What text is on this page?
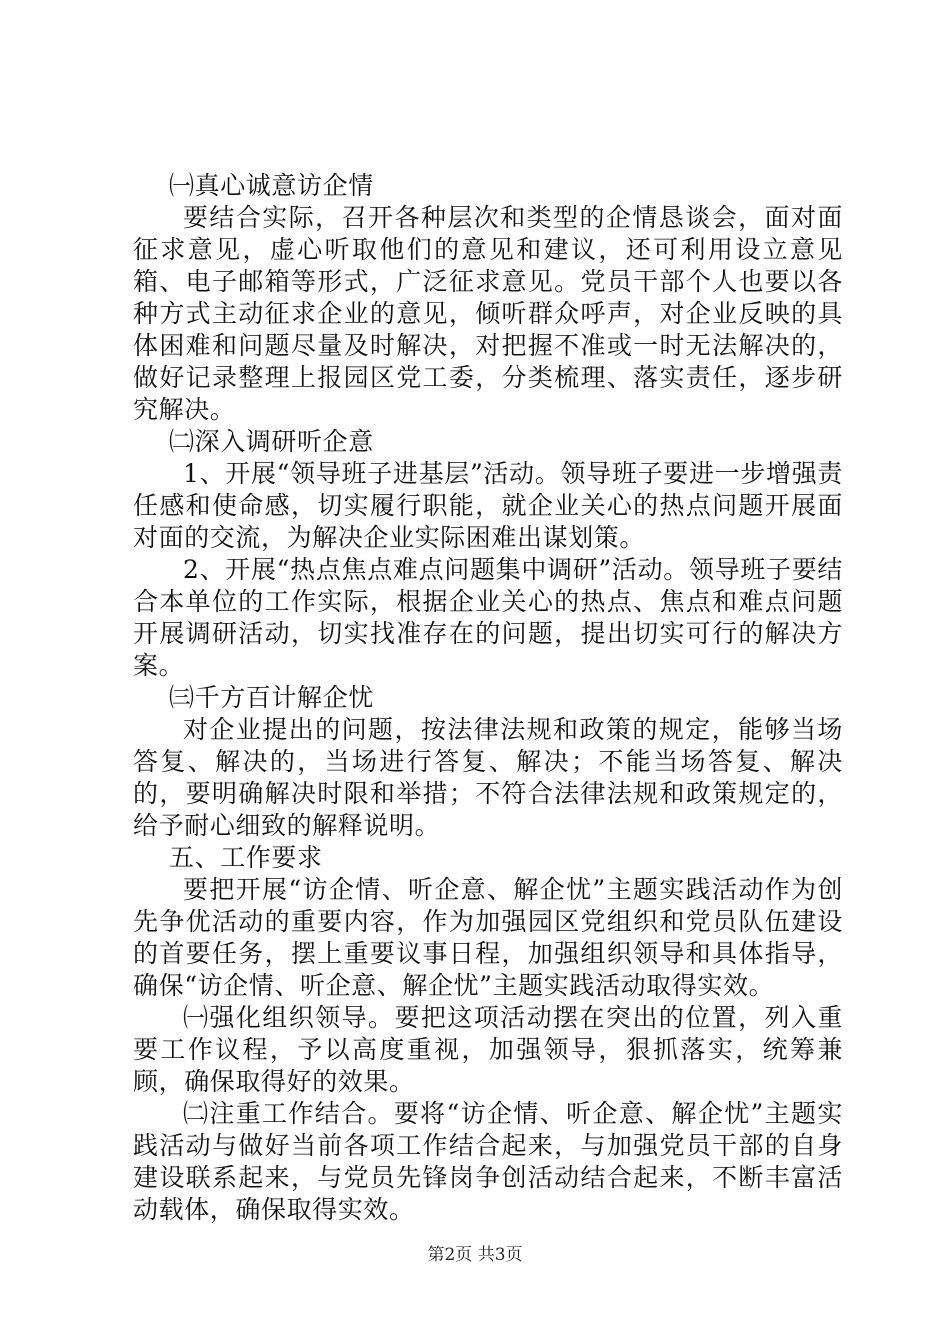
㈠真心诚意访企情

要结合实际，召开各种层次和类型的企情恳谈会，面对面征求意见，虚心听取他们的意见和建议，还可利用设立意见箱、电子邮箱等形式，广泛征求意见。党员干部个人也要以各种方式主动征求企业的意见，倾听群众呼声，对企业反映的具体困难和问题尽量及时解决，对把握不准或一时无法解决的，做好记录整理上报园区党工委，分类梳理、落实责任，逐步研究解决。

㈡深入调研听企意

1、开展“领导班子进基层”活动。领导班子要进一步增强责任感和使命感，切实履行职能，就企业关心的热点问题开展面对面的交流，为解决企业实际困难出谋划策。

2、开展“热点焦点难点问题集中调研”活动。领导班子要结合本单位的工作实际，根据企业关心的热点、焦点和难点问题开展调研活动，切实找准存在的问题，提出切实可行的解决方案。

㈢千方百计解企忧

对企业提出的问题，按法律法规和政策的规定，能够当场答复、解决的，当场进行答复、解决；不能当场答复、解决的，要明确解决时限和举措；不符合法律法规和政策规定的，给予耐心细致的解释说明。

五、工作要求

要把开展“访企情、听企意、解企忧”主题实践活动作为创先争优活动的重要内容，作为加强园区党组织和党员队伍建设的首要任务，摆上重要议事日程，加强组织领导和具体指导，确保“访企情、听企意、解企忧”主题实践活动取得实效。

㈠强化组织领导。要把这项活动摆在突出的位置，列入重要工作议程，予以高度重视，加强领导，狠抓落实，统筹兼顾，确保取得好的效果。

㈡注重工作结合。要将“访企情、听企意、解企忧”主题实践活动与做好当前各项工作结合起来，与加强党员干部的自身建设联系起来，与党员先锋岗争创活动结合起来，不断丰富活动载体，确保取得实效。

第2页 共3页
